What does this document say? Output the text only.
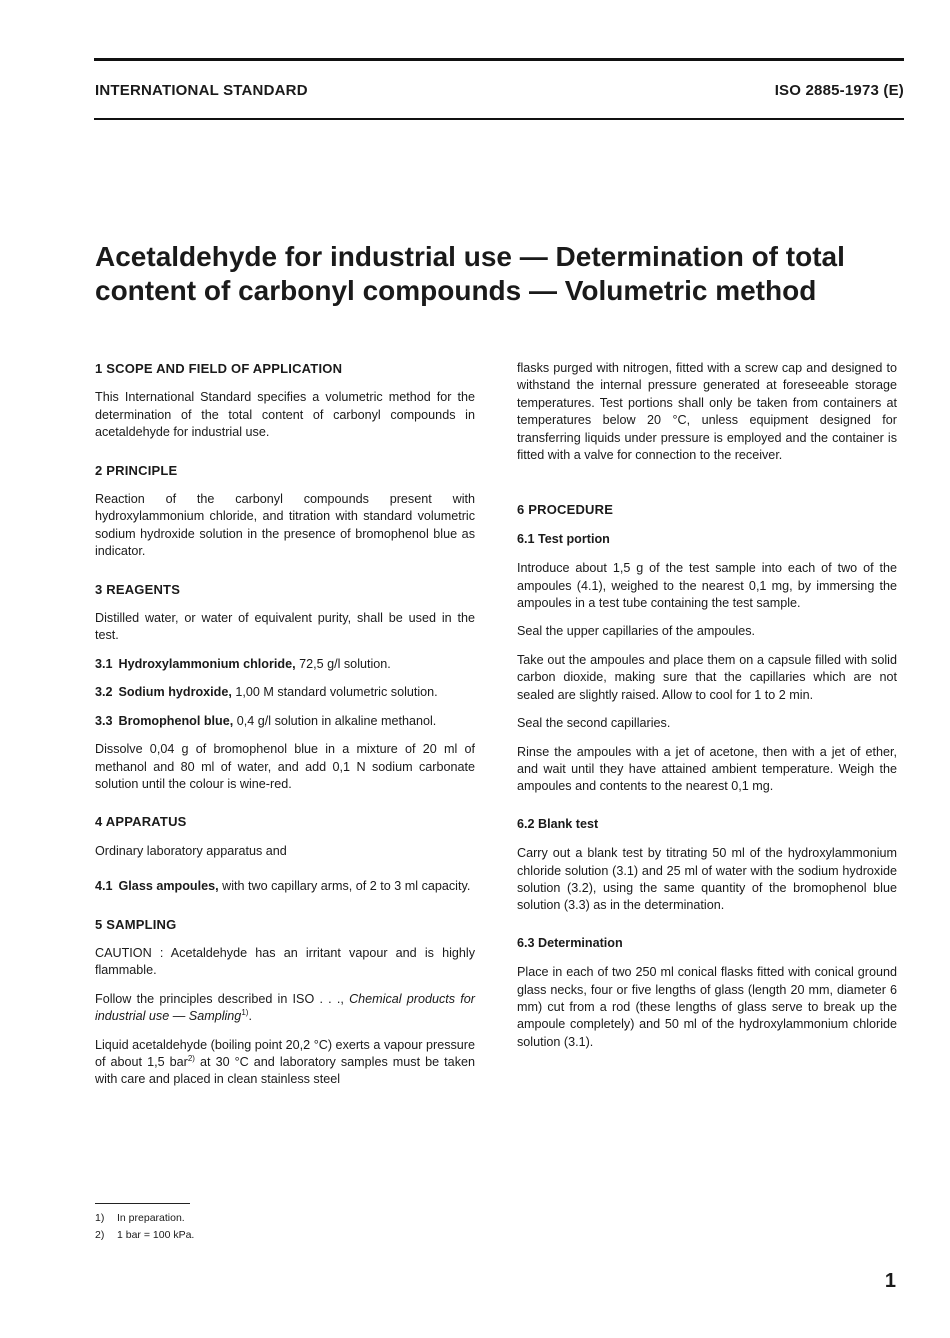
INTERNATIONAL STANDARD	ISO 2885-1973 (E)
Acetaldehyde for industrial use — Determination of total content of carbonyl compounds — Volumetric method
1 SCOPE AND FIELD OF APPLICATION

This International Standard specifies a volumetric method for the determination of the total content of carbonyl compounds in acetaldehyde for industrial use.

2 PRINCIPLE

Reaction of the carbonyl compounds present with hydroxylammonium chloride, and titration with standard volumetric sodium hydroxide solution in the presence of bromophenol blue as indicator.

3 REAGENTS

Distilled water, or water of equivalent purity, shall be used in the test.

3.1 Hydroxylammonium chloride, 72,5 g/l solution.

3.2 Sodium hydroxide, 1,00 M standard volumetric solution.

3.3 Bromophenol blue, 0,4 g/l solution in alkaline methanol.

Dissolve 0,04 g of bromophenol blue in a mixture of 20 ml of methanol and 80 ml of water, and add 0,1 N sodium carbonate solution until the colour is wine-red.

4 APPARATUS

Ordinary laboratory apparatus and

4.1 Glass ampoules, with two capillary arms, of 2 to 3 ml capacity.

5 SAMPLING

CAUTION : Acetaldehyde has an irritant vapour and is highly flammable.

Follow the principles described in ISO . . ., Chemical products for industrial use — Sampling$^{1)}$.

Liquid acetaldehyde (boiling point 20,2 °C) exerts a vapour pressure of about 1,5 bar$^{2)}$ at 30 °C and laboratory samples must be taken with care and placed in clean stainless steel

flasks purged with nitrogen, fitted with a screw cap and designed to withstand the internal pressure generated at foreseeable storage temperatures. Test portions shall only be taken from containers at temperatures below 20 °C, unless equipment designed for transferring liquids under pressure is employed and the container is fitted with a valve for connection to the receiver.

6 PROCEDURE
6.1 Test portion

Introduce about 1,5 g of the test sample into each of two of the ampoules (4.1), weighed to the nearest 0,1 mg, by immersing the ampoules in a test tube containing the test sample.

Seal the upper capillaries of the ampoules.

Take out the ampoules and place them on a capsule filled with solid carbon dioxide, making sure that the capillaries which are not sealed are slightly raised. Allow to cool for 1 to 2 min.

Seal the second capillaries.

Rinse the ampoules with a jet of acetone, then with a jet of ether, and wait until they have attained ambient temperature. Weigh the ampoules and contents to the nearest 0,1 mg.

6.2 Blank test

Carry out a blank test by titrating 50 ml of the hydroxylammonium chloride solution (3.1) and 25 ml of water with the sodium hydroxide solution (3.2), using the same quantity of the bromophenol blue solution (3.3) as in the determination.

6.3 Determination

Place in each of two 250 ml conical flasks fitted with conical ground glass necks, four or five lengths of glass (length 20 mm, diameter 6 mm) cut from a rod (these lengths of glass serve to break up the ampoule completely) and 50 ml of the hydroxylammonium chloride solution (3.1).

1) In preparation.
2) 1 bar = 100 kPa.
1
